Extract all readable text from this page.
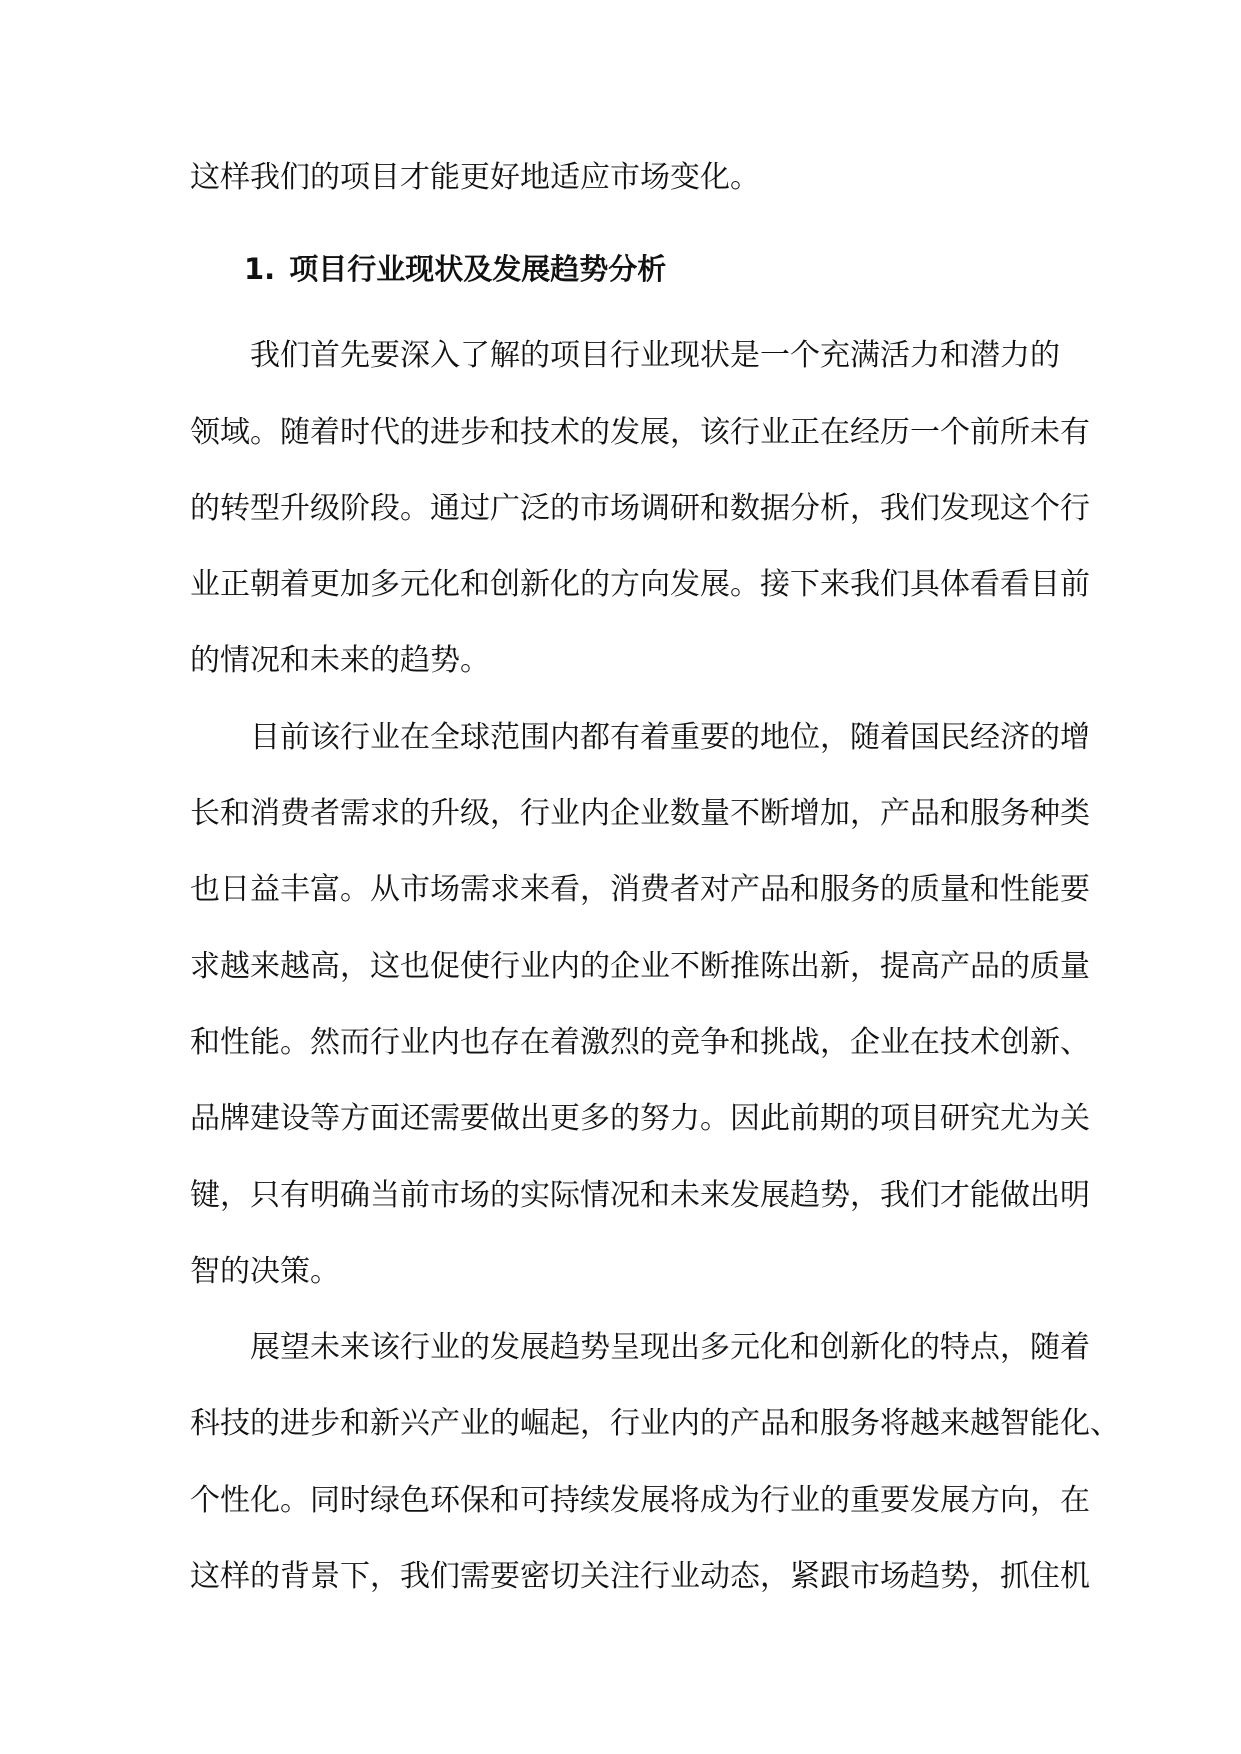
这样我们的项目才能更好地适应市场变化。
1. 项目行业现状及发展趋势分析
我们首先要深入了解的项目行业现状是一个充满活力和潜力的
领域。随着时代的进步和技术的发展，该行业正在经历一个前所未有
的转型升级阶段。通过广泛的市场调研和数据分析，我们发现这个行
业正朝着更加多元化和创新化的方向发展。接下来我们具体看看目前
的情况和未来的趋势。
目前该行业在全球范围内都有着重要的地位，随着国民经济的增
长和消费者需求的升级，行业内企业数量不断增加，产品和服务种类
也日益丰富。从市场需求来看，消费者对产品和服务的质量和性能要
求越来越高，这也促使行业内的企业不断推陈出新，提高产品的质量
和性能。然而行业内也存在着激烈的竞争和挑战，企业在技术创新、
品牌建设等方面还需要做出更多的努力。因此前期的项目研究尤为关
键，只有明确当前市场的实际情况和未来发展趋势，我们才能做出明
智的决策。
展望未来该行业的发展趋势呈现出多元化和创新化的特点，随着
科技的进步和新兴产业的崛起，行业内的产品和服务将越来越智能化、
个性化。同时绿色环保和可持续发展将成为行业的重要发展方向，在
这样的背景下，我们需要密切关注行业动态，紧跟市场趋势，抓住机
